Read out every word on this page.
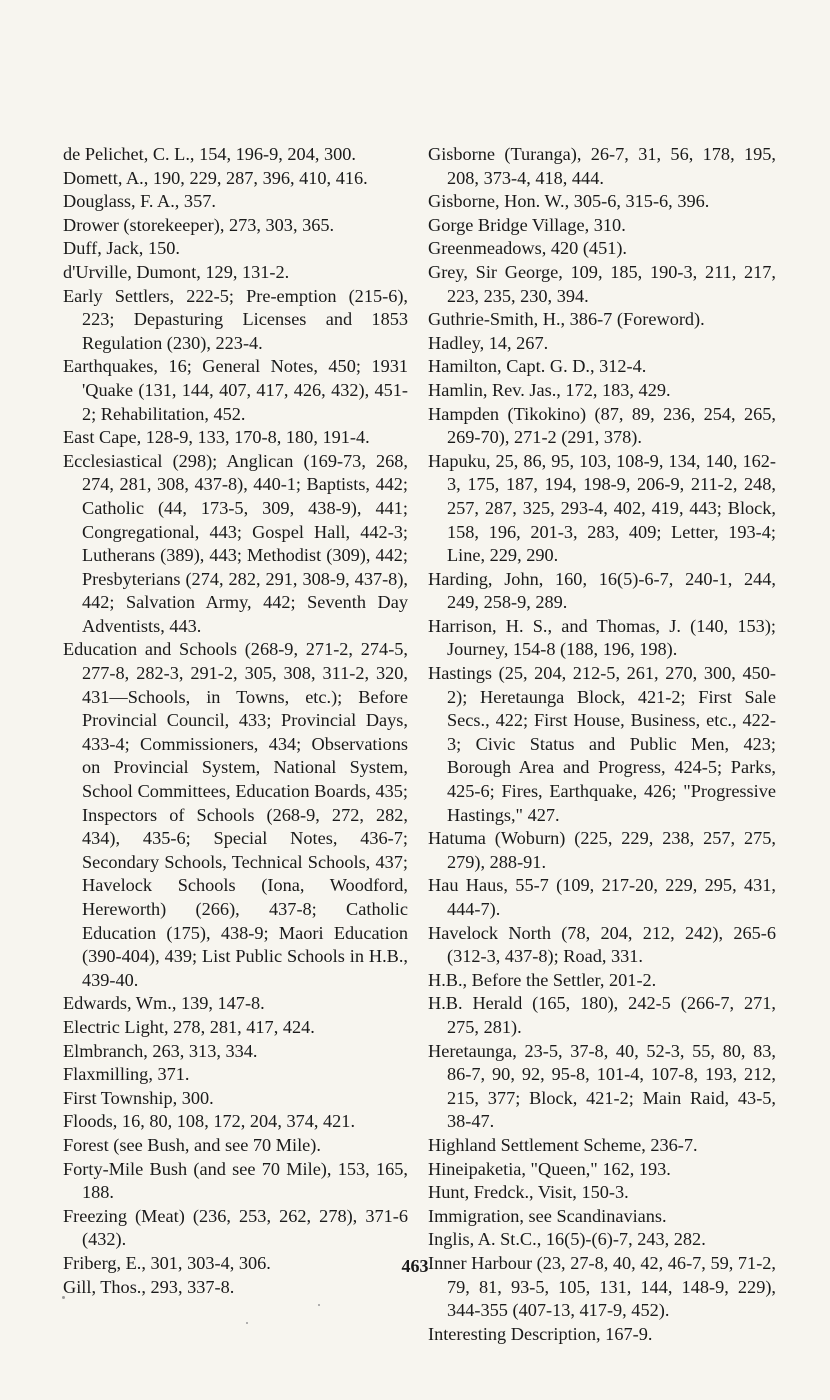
de Pelichet, C. L., 154, 196-9, 204, 300.

Domett, A., 190, 229, 287, 396, 410, 416.

Douglass, F. A., 357.

Drower (storekeeper), 273, 303, 365.

Duff, Jack, 150.

d'Urville, Dumont, 129, 131-2.

Early Settlers, 222-5; Pre-emption (215-6), 223; Depasturing Licenses and 1853 Regulation (230), 223-4.

Earthquakes, 16; General Notes, 450; 1931 'Quake (131, 144, 407, 417, 426, 432), 451-2; Rehabilitation, 452.

East Cape, 128-9, 133, 170-8, 180, 191-4.

Ecclesiastical (298); Anglican (169-73, 268, 274, 281, 308, 437-8), 440-1; Baptists, 442; Catholic (44, 173-5, 309, 438-9), 441; Congregational, 443; Gospel Hall, 442-3; Lutherans (389), 443; Methodist (309), 442; Presbyterians (274, 282, 291, 308-9, 437-8), 442; Salvation Army, 442; Seventh Day Adventists, 443.

Education and Schools (268-9, 271-2, 274-5, 277-8, 282-3, 291-2, 305, 308, 311-2, 320, 431—Schools, in Towns, etc.); Before Provincial Council, 433; Provincial Days, 433-4; Commissioners, 434; Observations on Provincial System, National System, School Committees, Education Boards, 435; Inspectors of Schools (268-9, 272, 282, 434), 435-6; Special Notes, 436-7; Secondary Schools, Technical Schools, 437; Havelock Schools (Iona, Woodford, Hereworth) (266), 437-8; Catholic Education (175), 438-9; Maori Education (390-404), 439; List Public Schools in H.B., 439-40.

Edwards, Wm., 139, 147-8.

Electric Light, 278, 281, 417, 424.

Elmbranch, 263, 313, 334.

Flaxmilling, 371.

First Township, 300.

Floods, 16, 80, 108, 172, 204, 374, 421.

Forest (see Bush, and see 70 Mile).

Forty-Mile Bush (and see 70 Mile), 153, 165, 188.

Freezing (Meat) (236, 253, 262, 278), 371-6 (432).

Friberg, E., 301, 303-4, 306.

Gill, Thos., 293, 337-8.

Gisborne (Turanga), 26-7, 31, 56, 178, 195, 208, 373-4, 418, 444.

Gisborne, Hon. W., 305-6, 315-6, 396.

Gorge Bridge Village, 310.

Greenmeadows, 420 (451).

Grey, Sir George, 109, 185, 190-3, 211, 217, 223, 235, 230, 394.

Guthrie-Smith, H., 386-7 (Foreword).

Hadley, 14, 267.

Hamilton, Capt. G. D., 312-4.

Hamlin, Rev. Jas., 172, 183, 429.

Hampden (Tikokino) (87, 89, 236, 254, 265, 269-70), 271-2 (291, 378).

Hapuku, 25, 86, 95, 103, 108-9, 134, 140, 162-3, 175, 187, 194, 198-9, 206-9, 211-2, 248, 257, 287, 325, 293-4, 402, 419, 443; Block, 158, 196, 201-3, 283, 409; Letter, 193-4; Line, 229, 290.

Harding, John, 160, 16(5)-6-7, 240-1, 244, 249, 258-9, 289.

Harrison, H. S., and Thomas, J. (140, 153); Journey, 154-8 (188, 196, 198).

Hastings (25, 204, 212-5, 261, 270, 300, 450-2); Heretaunga Block, 421-2; First Sale Secs., 422; First House, Business, etc., 422-3; Civic Status and Public Men, 423; Borough Area and Progress, 424-5; Parks, 425-6; Fires, Earthquake, 426; "Progressive Hastings," 427.

Hatuma (Woburn) (225, 229, 238, 257, 275, 279), 288-91.

Hau Haus, 55-7 (109, 217-20, 229, 295, 431, 444-7).

Havelock North (78, 204, 212, 242), 265-6 (312-3, 437-8); Road, 331.

H.B., Before the Settler, 201-2.

H.B. Herald (165, 180), 242-5 (266-7, 271, 275, 281).

Heretaunga, 23-5, 37-8, 40, 52-3, 55, 80, 83, 86-7, 90, 92, 95-8, 101-4, 107-8, 193, 212, 215, 377; Block, 421-2; Main Raid, 43-5, 38-47.

Highland Settlement Scheme, 236-7.

Hineipaketia, "Queen," 162, 193.

Hunt, Fredck., Visit, 150-3.

Immigration, see Scandinavians.

Inglis, A. St.C., 16(5)-(6)-7, 243, 282.

Inner Harbour (23, 27-8, 40, 42, 46-7, 59, 71-2, 79, 81, 93-5, 105, 131, 144, 148-9, 229), 344-355 (407-13, 417-9, 452).

Interesting Description, 167-9.

463
